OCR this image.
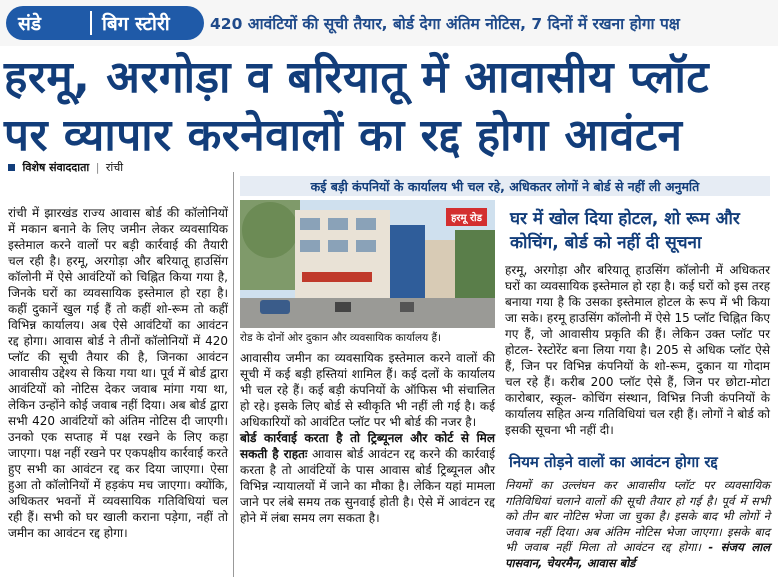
संडे	बिग स्टोरी	420 आवंटियों की सूची तैयार, बोर्ड देगा अंतिम नोटिस, 7 दिनों में रखना होगा पक्ष
हरमू, अरगोड़ा व बरियातू में आवासीय प्लॉट
पर व्यापार करनेवालों का रद्द होगा आवंटन
विशेष संवाददाता | रांची
रांची में झारखंड राज्य आवास बोर्ड की कॉलोनियों में मकान बनाने के लिए जमीन लेकर व्यवसायिक इस्तेमाल करने वालों पर बड़ी कार्रवाई की तैयारी चल रही है। हरमू, अरगोड़ा और बरियातू हाउसिंग कॉलोनी में ऐसे आवंटियों को चिह्नित किया गया है, जिनके घरों का व्यवसायिक इस्तेमाल हो रहा है। कहीं दुकानें खुल गई हैं तो कहीं शो-रूम तो कहीं विभिन्न कार्यालय। अब ऐसे आवंटियों का आवंटन रद्द होगा। आवास बोर्ड ने तीनों कॉलोनियों में 420 प्लॉट की सूची तैयार की है, जिनका आवंटन आवासीय उद्देश्य से किया गया था। पूर्व में बोर्ड द्वारा आवंटियों को नोटिस देकर जवाब मांगा गया था, लेकिन उन्होंने कोई जवाब नहीं दिया। अब बोर्ड द्वारा सभी 420 आवंटियों को अंतिम नोटिस दी जाएगी। उनको एक सप्ताह में पक्ष रखने के लिए कहा जाएगा। पक्ष नहीं रखने पर एकपक्षीय कार्रवाई करते हुए सभी का आवंटन रद्द कर दिया जाएगा। ऐसा हुआ तो कॉलोनियों में हड़कंप मच जाएगा। क्योंकि, अधिकतर भवनों में व्यवसायिक गतिविधियां चल रही हैं। सभी को घर खाली कराना पड़ेगा, नहीं तो जमीन का आवंटन रद्द होगा।
कई बड़ी कंपनियों के कार्यालय भी चल रहे, अधिकतर लोगों ने बोर्ड से नहीं ली अनुमति
हरमू रोड
रोड के दोनों ओर दुकान और व्यवसायिक कार्यालय हैं।
आवासीय जमीन का व्यवसायिक इस्तेमाल करने वालों की सूची में कई बड़ी हस्तियां शामिल हैं। कई दलों के कार्यालय भी चल रहे हैं। कई बड़ी कंपनियों के ऑफिस भी संचालित हो रहे। इसके लिए बोर्ड से स्वीकृति भी नहीं ली गई है। कई अधिकारियों को आवंटित प्लॉट पर भी बोर्ड की नजर है।
बोर्ड कार्रवाई करता है तो ट्रिब्यूनल और कोर्ट से मिल सकती है राहतः आवास बोर्ड आवंटन रद्द करने की कार्रवाई करता है तो आवंटियों के पास आवास बोर्ड ट्रिब्यूनल और विभिन्न न्यायालयों में जाने का मौका है। लेकिन यहां मामला जाने पर लंबे समय तक सुनवाई होती है। ऐसे में आवंटन रद्द होने में लंबा समय लग सकता है।
घर में खोल दिया होटल, शो रूम और कोचिंग, बोर्ड को नहीं दी सूचना
हरमू, अरगोड़ा और बरियातू हाउसिंग कॉलोनी में अधिकतर घरों का व्यवसायिक इस्तेमाल हो रहा है। कई घरों को इस तरह बनाया गया है कि उसका इस्तेमाल होटल के रूप में भी किया जा सके। हरमू हाउसिंग कॉलोनी में ऐसे 15 प्लॉट चिह्नित किए गए हैं, जो आवासीय प्रकृति की हैं। लेकिन उक्त प्लॉट पर होटल- रेस्टोरेंट बना लिया गया है। 205 से अधिक प्लॉट ऐसे हैं, जिन पर विभिन्न कंपनियों के शो-रूम, दुकान या गोदाम चल रहे हैं। करीब 200 प्लॉट ऐसे हैं, जिन पर छोटा-मोटा कारोबार, स्कूल- कोचिंग संस्थान, विभिन्न निजी कंपनियों के कार्यालय सहित अन्य गतिविधियां चल रही हैं। लोगों ने बोर्ड को इसकी सूचना भी नहीं दी।
नियम तोड़ने वालों का आवंटन होगा रद्द
नियमों का उल्लंघन कर आवासीय प्लॉट पर व्यवसायिक गतिविधियां चलाने वालों की सूची तैयार हो गई है। पूर्व में सभी को तीन बार नोटिस भेजा जा चुका है। इसके बाद भी लोगों ने जवाब नहीं दिया। अब अंतिम नोटिस भेजा जाएगा। इसके बाद भी जवाब नहीं मिला तो आवंटन रद्द होगा। - संजय लाल पासवान, चेयरमैन, आवास बोर्ड
